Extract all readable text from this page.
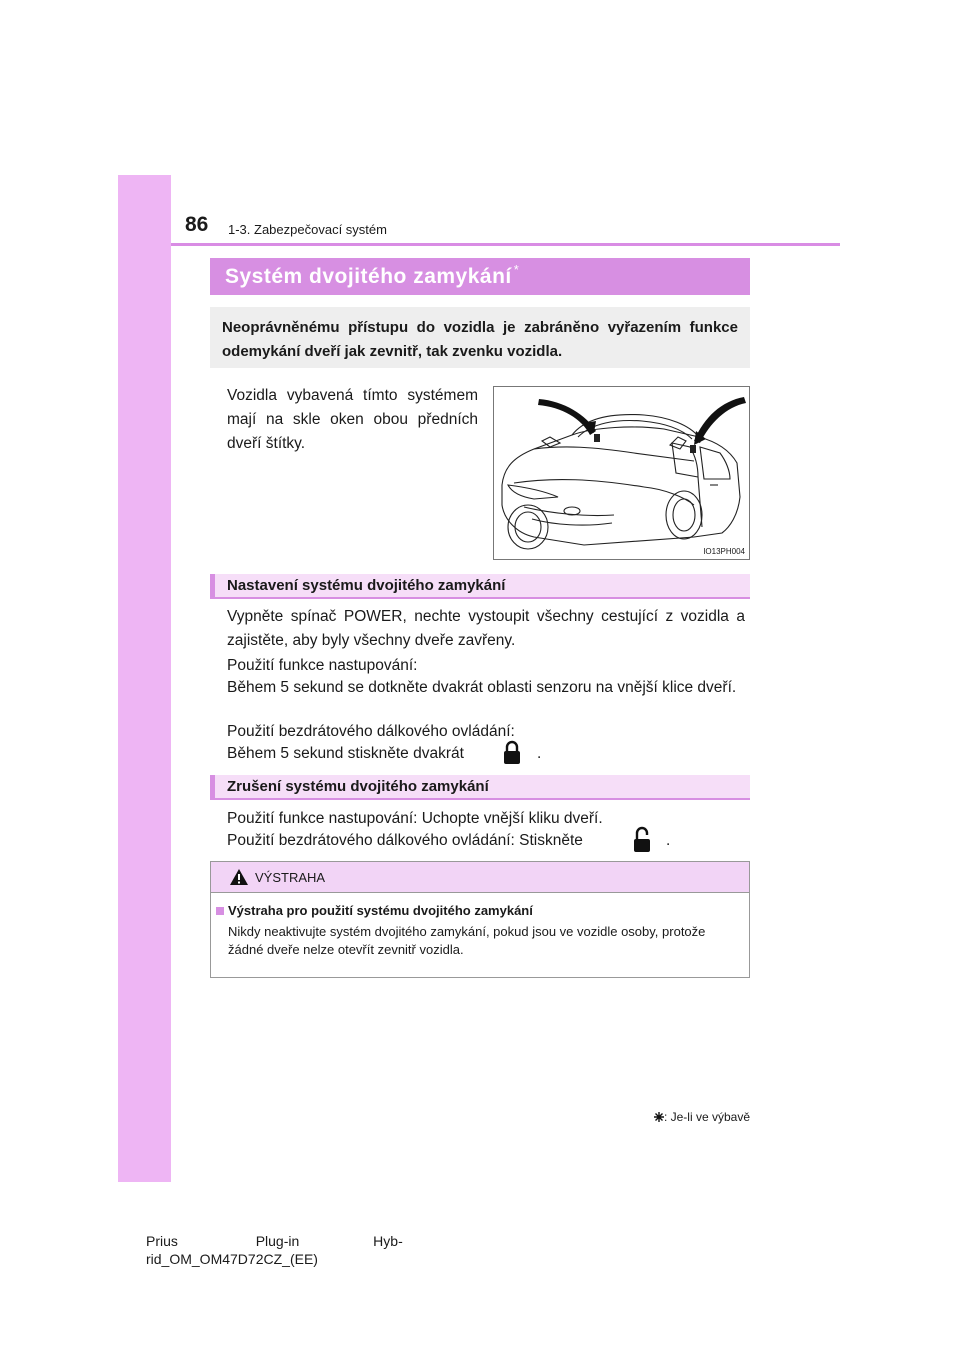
86 1-3. Zabezpečovací systém
Systém dvojitého zamykání *
Neoprávněnému přístupu do vozidla je zabráněno vyřazením funkce odemykání dveří jak zevnitř, tak zvenku vozidla.
Vozidla vybavená tímto systémem mají na skle oken obou předních dveří štítky.
IO13PH004
Nastavení systému dvojitého zamykání
Vypněte spínač POWER, nechte vystoupit všechny cestující z vozidla a zajistěte, aby byly všechny dveře zavřeny.
Použití funkce nastupování:
Během 5 sekund se dotkněte dvakrát oblasti senzoru na vnější klice dveří.
Použití bezdrátového dálkového ovládání:
Během 5 sekund stiskněte dvakrát	.
Zrušení systému dvojitého zamykání
Použití funkce nastupování: Uchopte vnější kliku dveří.
Použití bezdrátového dálkového ovládání: Stiskněte	.
VÝSTRAHA
Výstraha pro použití systému dvojitého zamykání
Nikdy neaktivujte systém dvojitého zamykání, pokud jsou ve vozidle osoby, protože žádné dveře nelze otevřít zevnitř vozidla.
: Je-li ve výbavě
Prius                    Plug-in                   Hyb-
rid_OM_OM47D72CZ_(EE)
